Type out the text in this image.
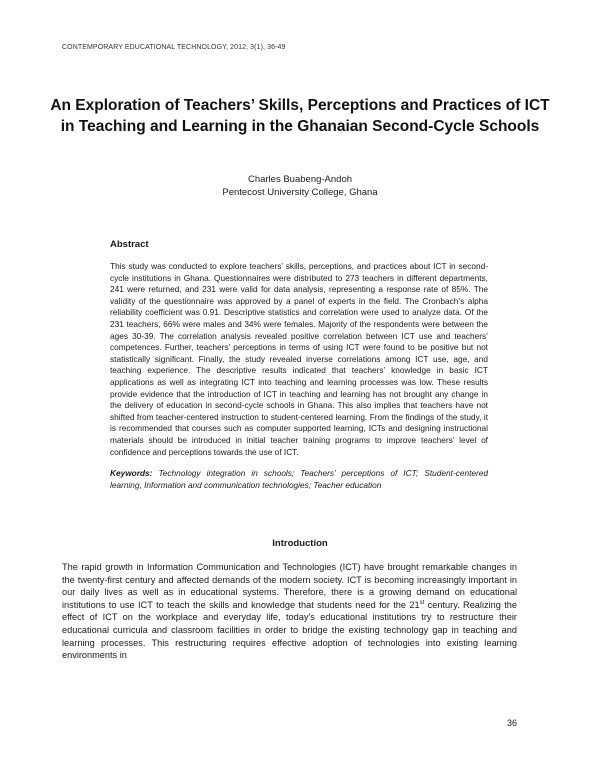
CONTEMPORARY EDUCATIONAL TECHNOLOGY, 2012, 3(1), 36-49
An Exploration of Teachers’ Skills, Perceptions and Practices of ICT
in Teaching and Learning in the Ghanaian Second-Cycle Schools
Charles Buabeng-Andoh
Pentecost University College, Ghana
Abstract

This study was conducted to explore teachers’ skills, perceptions, and practices about ICT in second-cycle institutions in Ghana. Questionnaires were distributed to 273 teachers in different departments, 241 were returned, and 231 were valid for data analysis, representing a response rate of 85%. The validity of the questionnaire was approved by a panel of experts in the field. The Cronbach’s alpha reliability coefficient was 0.91. Descriptive statistics and correlation were used to analyze data. Of the 231 teachers, 66% were males and 34% were females. Majority of the respondents were between the ages 30-39. The correlation analysis revealed positive correlation between ICT use and teachers’ competences. Further, teachers’ perceptions in terms of using ICT were found to be positive but not statistically significant. Finally, the study revealed inverse correlations among ICT use, age, and teaching experience. The descriptive results indicated that teachers’ knowledge in basic ICT applications as well as integrating ICT into teaching and learning processes was low. These results provide evidence that the introduction of ICT in teaching and learning has not brought any change in the delivery of education in second-cycle schools in Ghana. This also implies that teachers have not shifted from teacher-centered instruction to student-centered learning. From the findings of the study, it is recommended that courses such as computer supported learning, ICTs and designing instructional materials should be introduced in initial teacher training programs to improve teachers’ level of confidence and perceptions towards the use of ICT.

Keywords: Technology integration in schools; Teachers’ perceptions of ICT; Student-centered learning, Information and communication technologies; Teacher education

Introduction

The rapid growth in Information Communication and Technologies (ICT) have brought remarkable changes in the twenty-first century and affected demands of the modern society. ICT is becoming increasingly important in our daily lives as well as in educational systems. Therefore, there is a growing demand on educational institutions to use ICT to teach the skills and knowledge that students need for the 21st century. Realizing the effect of ICT on the workplace and everyday life, today’s educational institutions try to restructure their educational curricula and classroom facilities in order to bridge the existing technology gap in teaching and learning processes. This restructuring requires effective adoption of technologies into existing learning environments in

36
